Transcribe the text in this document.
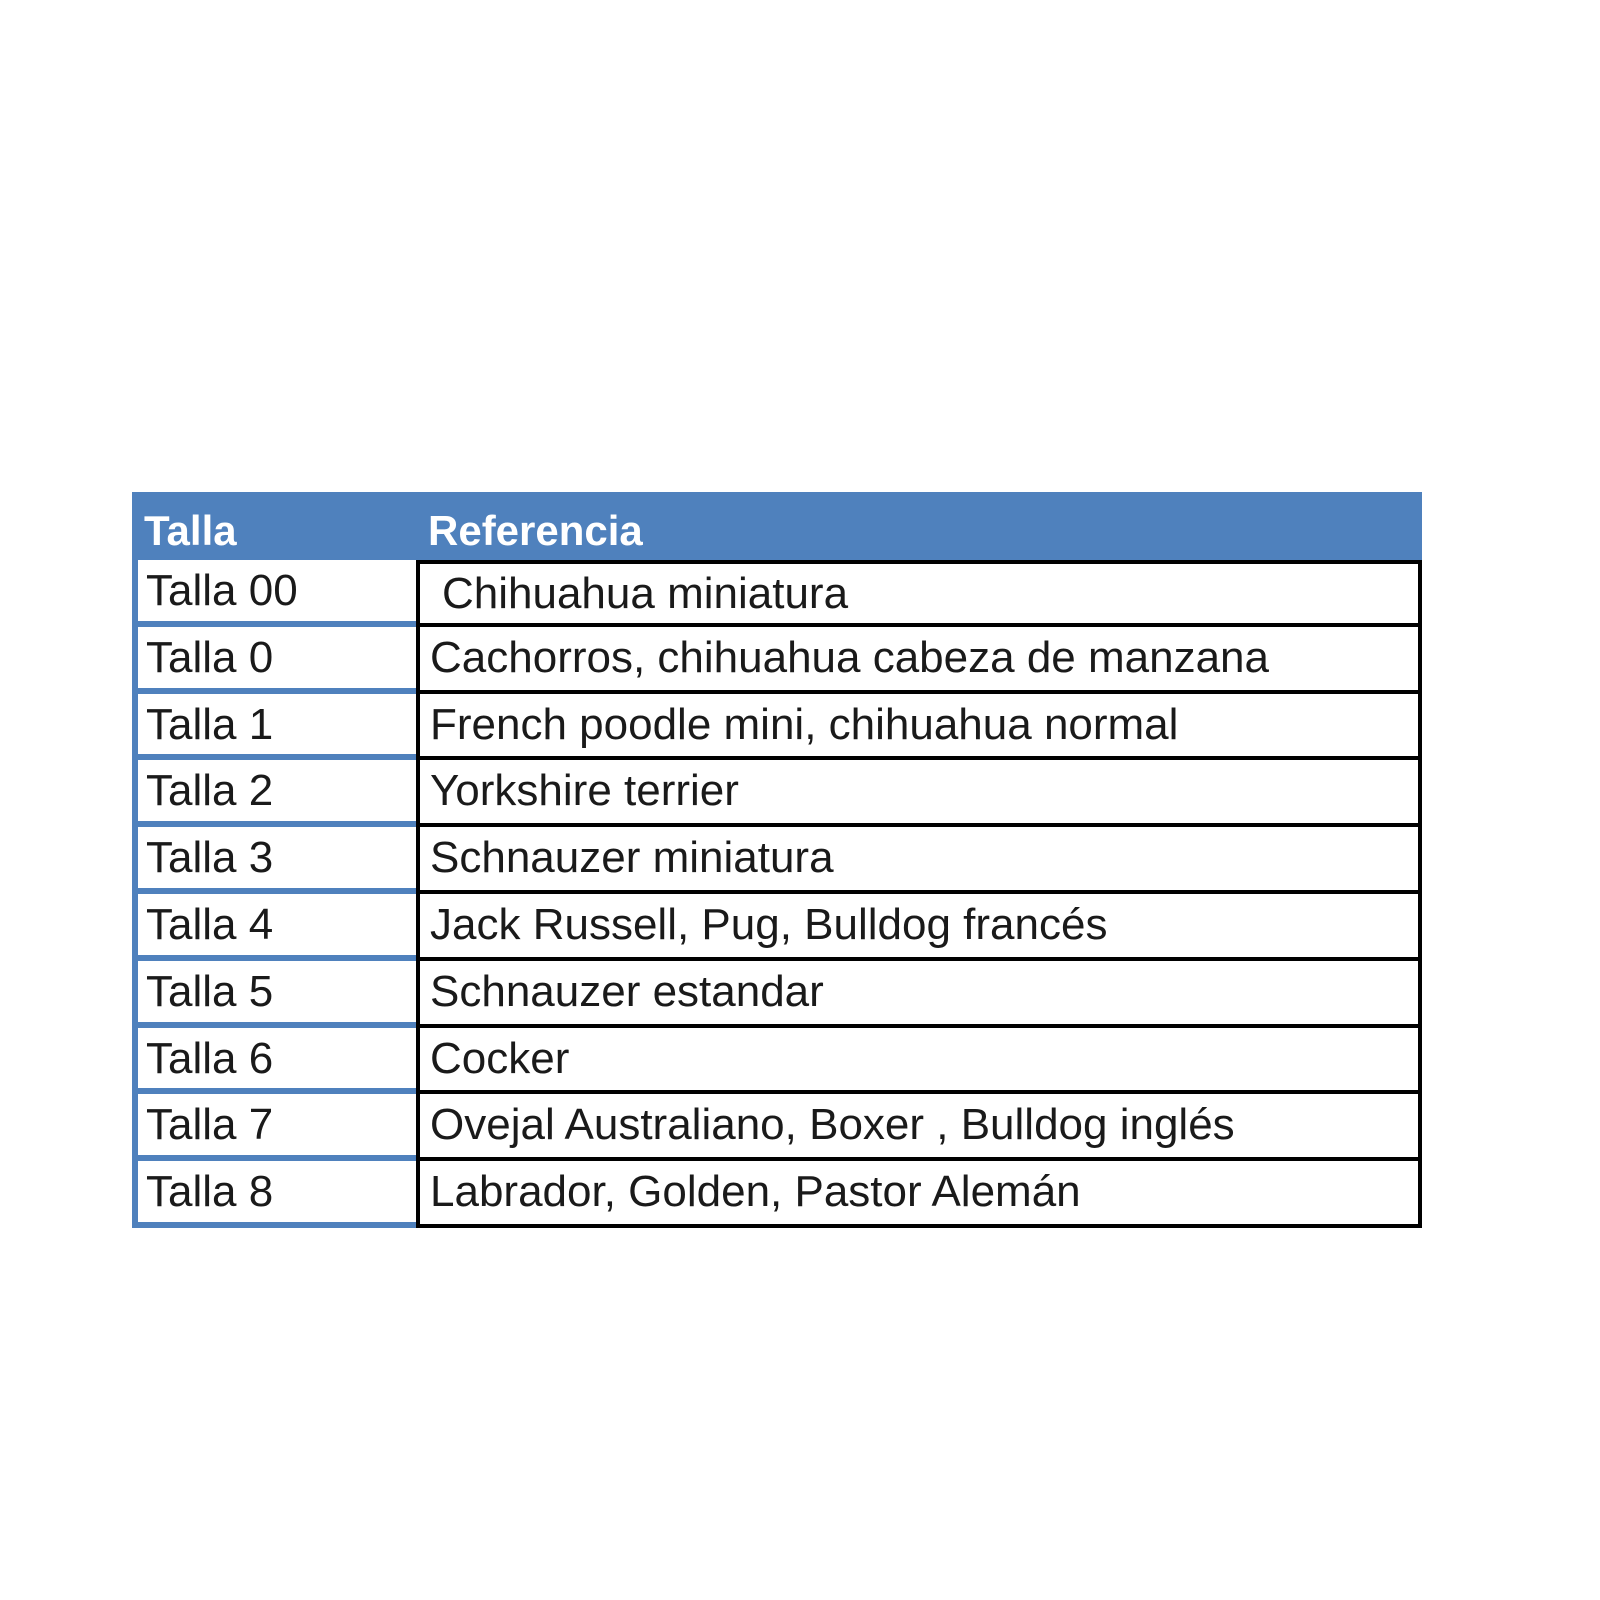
Talla	Referencia
Talla 00	Chihuahua miniatura
Talla 0	Cachorros, chihuahua cabeza de manzana
Talla 1	French poodle mini, chihuahua normal
Talla 2	Yorkshire terrier
Talla 3	Schnauzer miniatura
Talla 4	Jack Russell, Pug, Bulldog francés
Talla 5	Schnauzer estandar
Talla 6	Cocker
Talla 7	Ovejal Australiano, Boxer , Bulldog inglés
Talla 8	Labrador, Golden, Pastor Alemán
